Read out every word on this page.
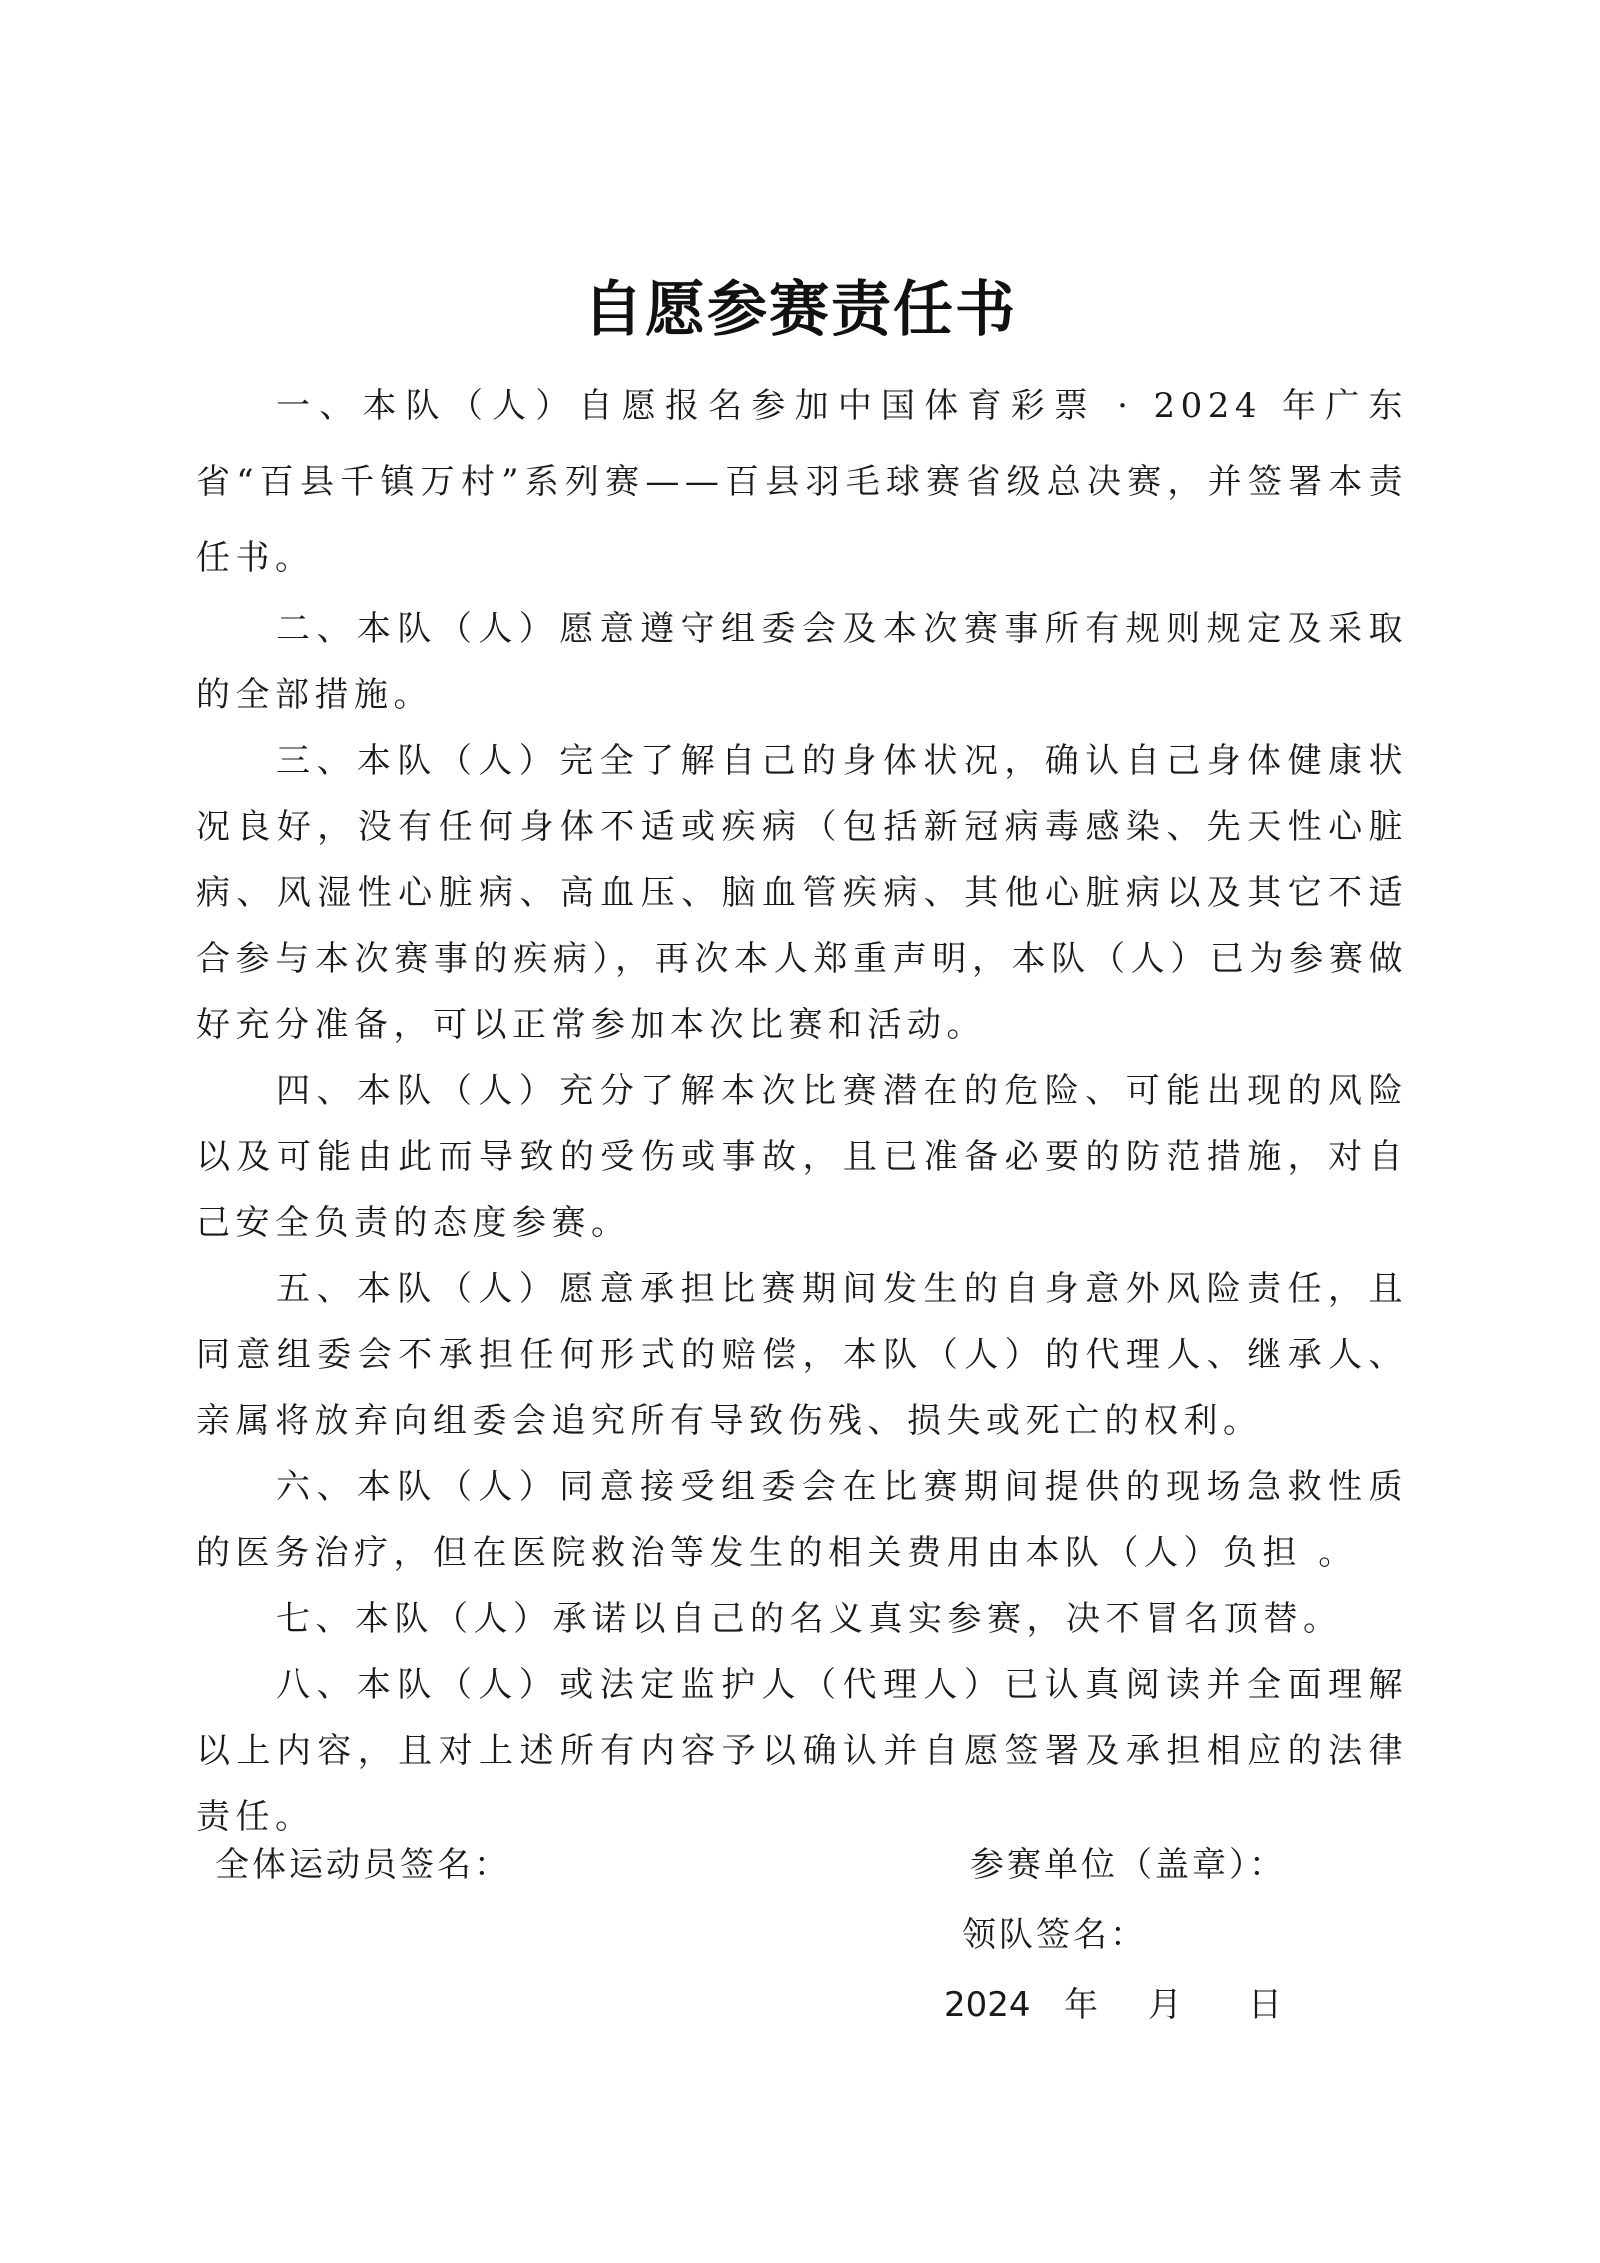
自愿参赛责任书

一、本队（人）自愿报名参加中国体育彩票 · 2024 年广东省“百县千镇万村”系列赛——百县羽毛球赛省级总决赛，并签署本责任书。

二、本队（人）愿意遵守组委会及本次赛事所有规则规定及采取的全部措施。

三、本队（人）完全了解自己的身体状况，确认自己身体健康状况良好，没有任何身体不适或疾病（包括新冠病毒感染、先天性心脏病、风湿性心脏病、高血压、脑血管疾病、其他心脏病以及其它不适合参与本次赛事的疾病），再次本人郑重声明，本队（人）已为参赛做好充分准备，可以正常参加本次比赛和活动。

四、本队（人）充分了解本次比赛潜在的危险、可能出现的风险以及可能由此而导致的受伤或事故，且已准备必要的防范措施，对自己安全负责的态度参赛。

五、本队（人）愿意承担比赛期间发生的自身意外风险责任，且同意组委会不承担任何形式的赔偿，本队（人）的代理人、继承人、亲属将放弃向组委会追究所有导致伤残、损失或死亡的权利。

六、本队（人）同意接受组委会在比赛期间提供的现场急救性质的医务治疗，但在医院救治等发生的相关费用由本队（人）负担 。

七、本队（人）承诺以自己的名义真实参赛，决不冒名顶替。

八、本队（人）或法定监护人（代理人）已认真阅读并全面理解以上内容，且对上述所有内容予以确认并自愿签署及承担相应的法律责任。

全体运动员签名：	参赛单位（盖章）：
领队签名：
2024 年 月 日
